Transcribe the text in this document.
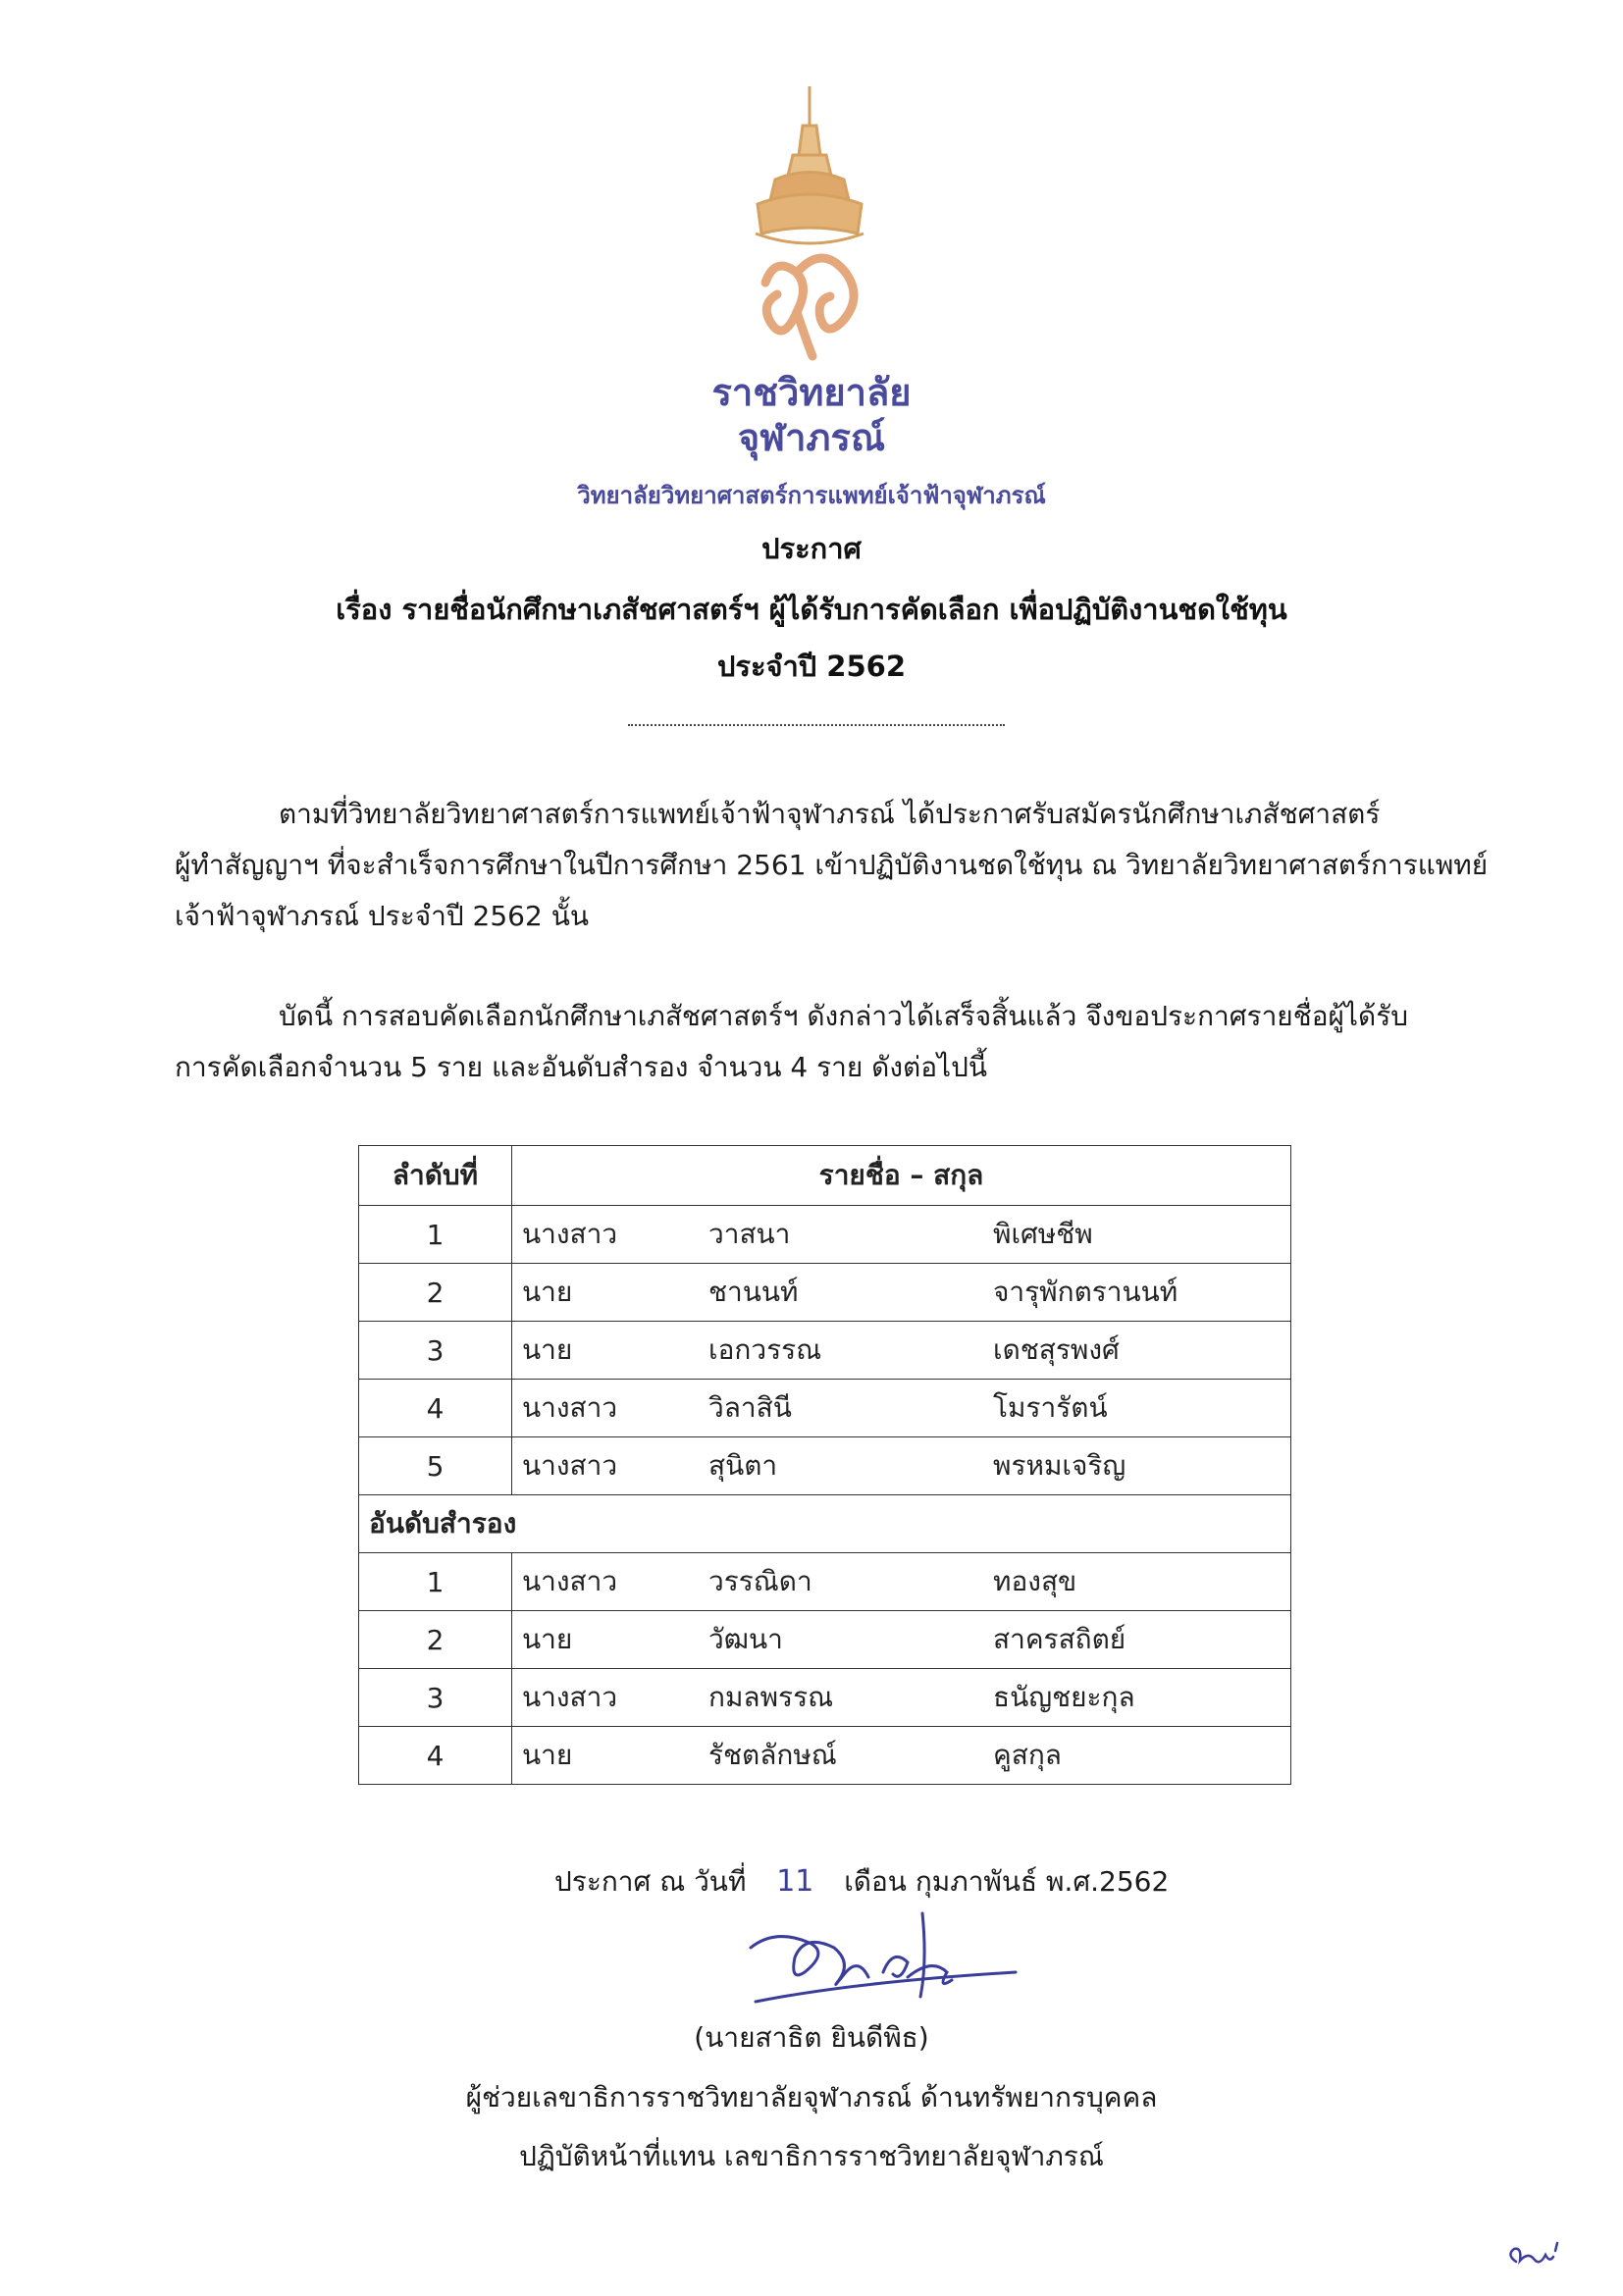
ราชวิทยาลัย
จุฬาภรณ์
วิทยาลัยวิทยาศาสตร์การแพทย์เจ้าฟ้าจุฬาภรณ์
ประกาศ
เรื่อง รายชื่อนักศึกษาเภสัชศาสตร์ฯ ผู้ได้รับการคัดเลือก เพื่อปฏิบัติงานชดใช้ทุน
ประจำปี 2562
ตามที่วิทยาลัยวิทยาศาสตร์การแพทย์เจ้าฟ้าจุฬาภรณ์ ได้ประกาศรับสมัครนักศึกษาเภสัชศาสตร์
ผู้ทำสัญญาฯ ที่จะสำเร็จการศึกษาในปีการศึกษา 2561 เข้าปฏิบัติงานชดใช้ทุน ณ วิทยาลัยวิทยาศาสตร์การแพทย์
เจ้าฟ้าจุฬาภรณ์ ประจำปี 2562 นั้น
บัดนี้ การสอบคัดเลือกนักศึกษาเภสัชศาสตร์ฯ ดังกล่าวได้เสร็จสิ้นแล้ว จึงขอประกาศรายชื่อผู้ได้รับ
การคัดเลือกจำนวน 5 ราย และอันดับสำรอง จำนวน 4 ราย ดังต่อไปนี้
ลำดับที่	รายชื่อ – สกุล		
1	นางสาว	วาสนา	พิเศษชีพ
2	นาย	ชานนท์	จารุพักตรานนท์
3	นาย	เอกวรรณ	เดชสุรพงศ์
4	นางสาว	วิลาสินี	โมรารัตน์
5	นางสาว	สุนิตา	พรหมเจริญ
อันดับสำรอง			
1	นางสาว	วรรณิดา	ทองสุข
2	นาย	วัฒนา	สาครสถิตย์
3	นางสาว	กมลพรรณ	ธนัญชยะกุล
4	นาย	รัชตลักษณ์	คูสกุล
ประกาศ ณ วันที่ 11 เดือน กุมภาพันธ์ พ.ศ.2562
(นายสาธิต ยินดีพิธ)
ผู้ช่วยเลขาธิการราชวิทยาลัยจุฬาภรณ์ ด้านทรัพยากรบุคคล
ปฏิบัติหน้าที่แทน เลขาธิการราชวิทยาลัยจุฬาภรณ์
